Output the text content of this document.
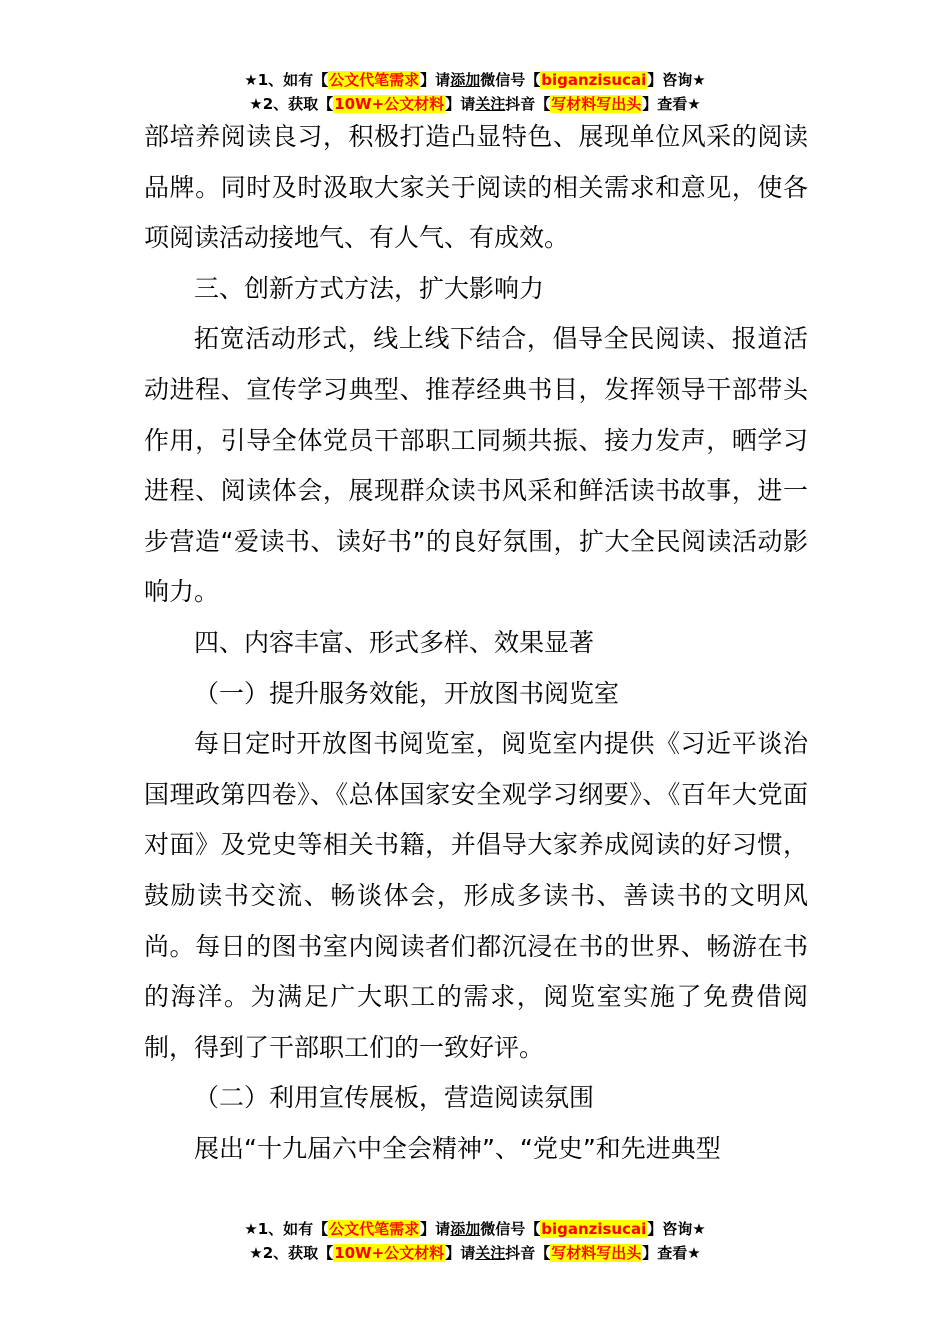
★1、如有【公文代笔需求】请添加微信号【biganzisucai】咨询★
★2、获取【10W+公文材料】请关注抖音【写材料写出头】查看★

部培养阅读良习，积极打造凸显特色、展现单位风采的阅读品牌。同时及时汲取大家关于阅读的相关需求和意见，使各项阅读活动接地气、有人气、有成效。

三、创新方式方法，扩大影响力

拓宽活动形式，线上线下结合，倡导全民阅读、报道活动进程、宣传学习典型、推荐经典书目，发挥领导干部带头作用，引导全体党员干部职工同频共振、接力发声，晒学习进程、阅读体会，展现群众读书风采和鲜活读书故事，进一步营造“爱读书、读好书”的良好氛围，扩大全民阅读活动影响力。

四、内容丰富、形式多样、效果显著

（一）提升服务效能，开放图书阅览室

每日定时开放图书阅览室，阅览室内提供《习近平谈治国理政第四卷》、《总体国家安全观学习纲要》、《百年大党面对面》及党史等相关书籍，并倡导大家养成阅读的好习惯，鼓励读书交流、畅谈体会，形成多读书、善读书的文明风尚。每日的图书室内阅读者们都沉浸在书的世界、畅游在书的海洋。为满足广大职工的需求，阅览室实施了免费借阅制，得到了干部职工们的一致好评。

（二）利用宣传展板，营造阅读氛围

展出“十九届六中全会精神”、“党史”和先进典型

★1、如有【公文代笔需求】请添加微信号【biganzisucai】咨询★
★2、获取【10W+公文材料】请关注抖音【写材料写出头】查看★
